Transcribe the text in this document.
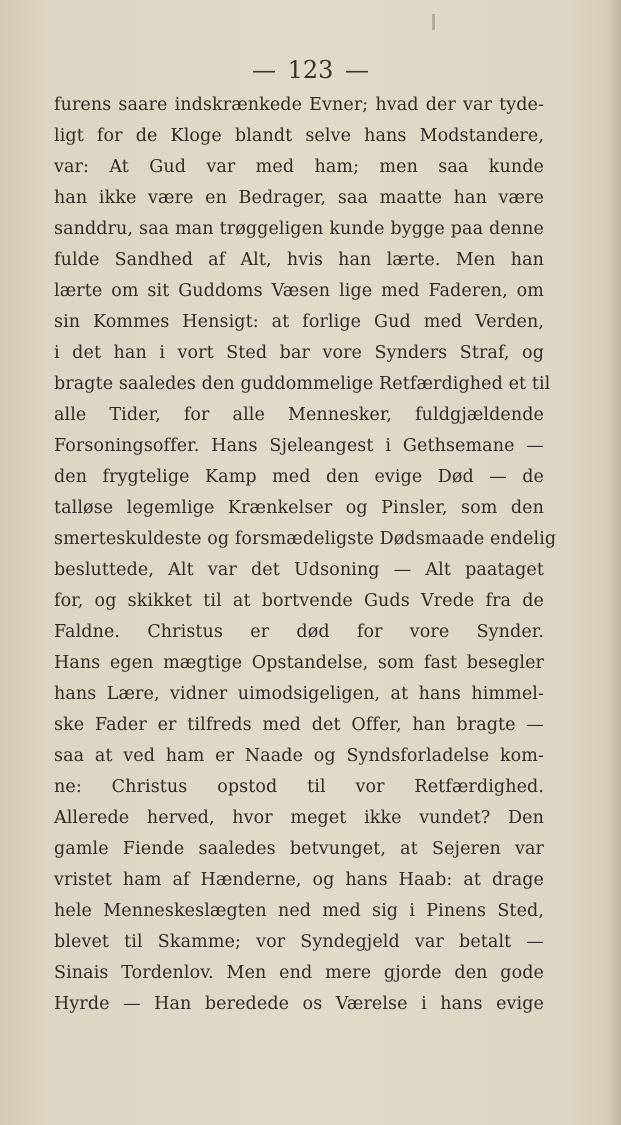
— 123 —
furens saare indskrænkede Evner; hvad der var tyde-
ligt for de Kloge blandt selve hans Modstandere,
var: At Gud var med ham; men saa kunde
han ikke være en Bedrager, saa maatte han være
sanddru, saa man trøggeligen kunde bygge paa denne
fulde Sandhed af Alt, hvis han lærte. Men han
lærte om sit Guddoms Væsen lige med Faderen, om
sin Kommes Hensigt: at forlige Gud med Verden,
i det han i vort Sted bar vore Synders Straf, og
bragte saaledes den guddommelige Retfærdighed et til
alle Tider, for alle Mennesker, fuldgjældende
Forsoningsoffer. Hans Sjeleangest i Gethsemane —
den frygtelige Kamp med den evige Død — de
talløse legemlige Krænkelser og Pinsler, som den
smerteskuldeste og forsmædeligste Dødsmaade endelig
besluttede, Alt var det Udsoning — Alt paataget
for, og skikket til at bortvende Guds Vrede fra de
Faldne. Christus er død for vore Synder.
Hans egen mægtige Opstandelse, som fast besegler
hans Lære, vidner uimodsigeligen, at hans himmel-
ske Fader er tilfreds med det Offer, han bragte —
saa at ved ham er Naade og Syndsforladelse kom-
ne: Christus opstod til vor Retfærdighed.
Allerede herved, hvor meget ikke vundet? Den
gamle Fiende saaledes betvunget, at Sejeren var
vristet ham af Hænderne, og hans Haab: at drage
hele Menneskeslægten ned med sig i Pinens Sted,
blevet til Skamme; vor Syndegjeld var betalt —
Sinais Tordenlov. Men end mere gjorde den gode
Hyrde — Han beredede os Værelse i hans evige
